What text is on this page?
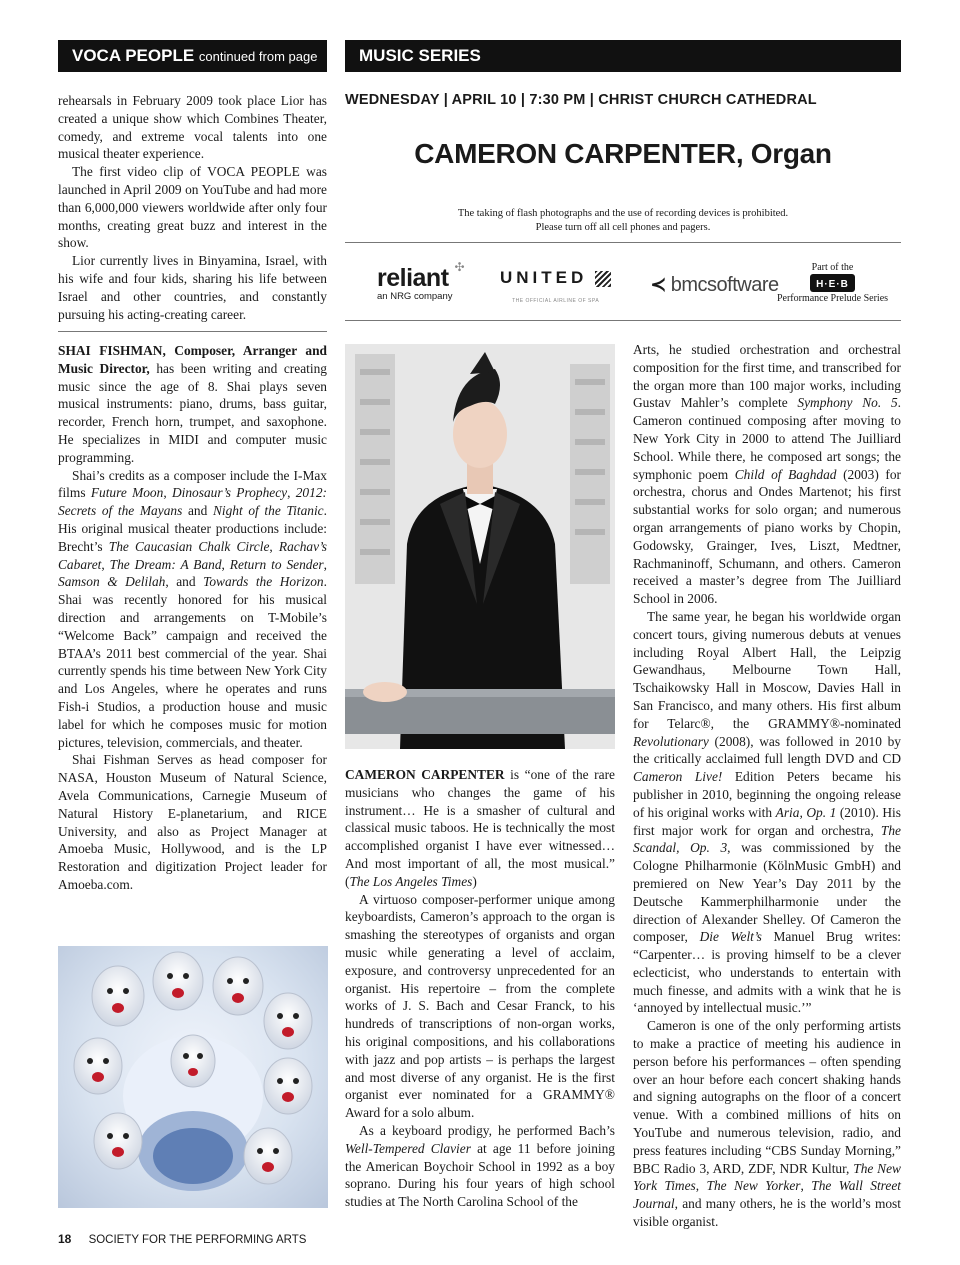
VOCA PEOPLE continued from page 16
MUSIC SERIES

rehearsals in February 2009 took place Lior has created a unique show which Combines Theater, comedy, and extreme vocal talents into one musical theater experience.

The first video clip of VOCA PEOPLE was launched in April 2009 on YouTube and had more than 6,000,000 viewers worldwide after only four months, creating great buzz and interest in the show.

Lior currently lives in Binyamina, Israel, with his wife and four kids, sharing his life between Israel and other countries, and constantly pursuing his acting-creating career.

SHAI FISHMAN, Composer, Arranger and Music Director, has been writing and creating music since the age of 8. Shai plays seven musical instruments: piano, drums, bass guitar, recorder, French horn, trumpet, and saxophone. He specializes in MIDI and computer music programming.

Shai’s credits as a composer include the I-Max films Future Moon, Dinosaur’s Prophecy, 2012: Secrets of the Mayans and Night of the Titanic. His original musical theater productions include: Brecht’s The Caucasian Chalk Circle, Rachav’s Cabaret, The Dream: A Band, Return to Sender, Samson & Delilah, and Towards the Horizon. Shai was recently honored for his musical direction and arrangements on T-Mobile’s “Welcome Back” campaign and received the BTAA’s 2011 best commercial of the year. Shai currently spends his time between New York City and Los Angeles, where he operates and runs Fish-i Studios, a production house and music label for which he composes music for motion pictures, television, commercials, and theater.

Shai Fishman Serves as head composer for NASA, Houston Museum of Natural Science, Avela Communications, Carnegie Museum of Natural History E-planetarium, and RICE University, and also as Project Manager at Amoeba Music, Hollywood, and is the LP Restoration and digitization Project leader for Amoeba.com.

WEDNESDAY | APRIL 10 | 7:30 PM | CHRIST CHURCH CATHEDRAL
CAMERON CARPENTER, Organ
The taking of flash photographs and the use of recording devices is prohibited.
Please turn off all cell phones and pagers.
reliant ✣
an NRG company
UNITED
THE OFFICIAL AIRLINE OF SPA
≺ bmcsoftware
Part of the
H·E·B
Performance Prelude Series

CAMERON CARPENTER is “one of the rare musicians who changes the game of his instrument… He is a smasher of cultural and classical music taboos. He is technically the most accomplished organist I have ever witnessed… And most important of all, the most musical.” (The Los Angeles Times)

A virtuoso composer-performer unique among keyboardists, Cameron’s approach to the organ is smashing the stereotypes of organists and organ music while generating a level of acclaim, exposure, and controversy unprecedented for an organist. His repertoire – from the complete works of J. S. Bach and Cesar Franck, to his hundreds of transcriptions of non-organ works, his original compositions, and his collaborations with jazz and pop artists – is perhaps the largest and most diverse of any organist. He is the first organist ever nominated for a GRAMMY® Award for a solo album.

As a keyboard prodigy, he performed Bach’s Well-Tempered Clavier at age 11 before joining the American Boychoir School in 1992 as a boy soprano. During his four years of high school studies at The North Carolina School of the

Arts, he studied orchestration and orchestral composition for the first time, and transcribed for the organ more than 100 major works, including Gustav Mahler’s complete Symphony No. 5. Cameron continued composing after moving to New York City in 2000 to attend The Juilliard School. While there, he composed art songs; the symphonic poem Child of Baghdad (2003) for orchestra, chorus and Ondes Martenot; his first substantial works for solo organ; and numerous organ arrangements of piano works by Chopin, Godowsky, Grainger, Ives, Liszt, Medtner, Rachmaninoff, Schumann, and others. Cameron received a master’s degree from The Juilliard School in 2006.

The same year, he began his worldwide organ concert tours, giving numerous debuts at venues including Royal Albert Hall, the Leipzig Gewandhaus, Melbourne Town Hall, Tschaikowsky Hall in Moscow, Davies Hall in San Francisco, and many others. His first album for Telarc®, the GRAMMY®-nominated Revolutionary (2008), was followed in 2010 by the critically acclaimed full length DVD and CD Cameron Live! Edition Peters became his publisher in 2010, beginning the ongoing release of his original works with Aria, Op. 1 (2010). His first major work for organ and orchestra, The Scandal, Op. 3, was commissioned by the Cologne Philharmonie (KölnMusic GmbH) and premiered on New Year’s Day 2011 by the Deutsche Kammerphilharmonie under the direction of Alexander Shelley. Of Cameron the composer, Die Welt’s Manuel Brug writes: “Carpenter… is proving himself to be a clever eclecticist, who understands to entertain with much finesse, and admits with a wink that he is ‘annoyed by intellectual music.’”

Cameron is one of the only performing artists to make a practice of meeting his audience in person before his performances – often spending over an hour before each concert shaking hands and signing autographs on the floor of a concert venue. With a combined millions of hits on YouTube and numerous television, radio, and press features including “CBS Sunday Morning,” BBC Radio 3, ARD, ZDF, NDR Kultur, The New York Times, The New Yorker, The Wall Street Journal, and many others, he is the world’s most visible organist.

18 SOCIETY FOR THE PERFORMING ARTS
